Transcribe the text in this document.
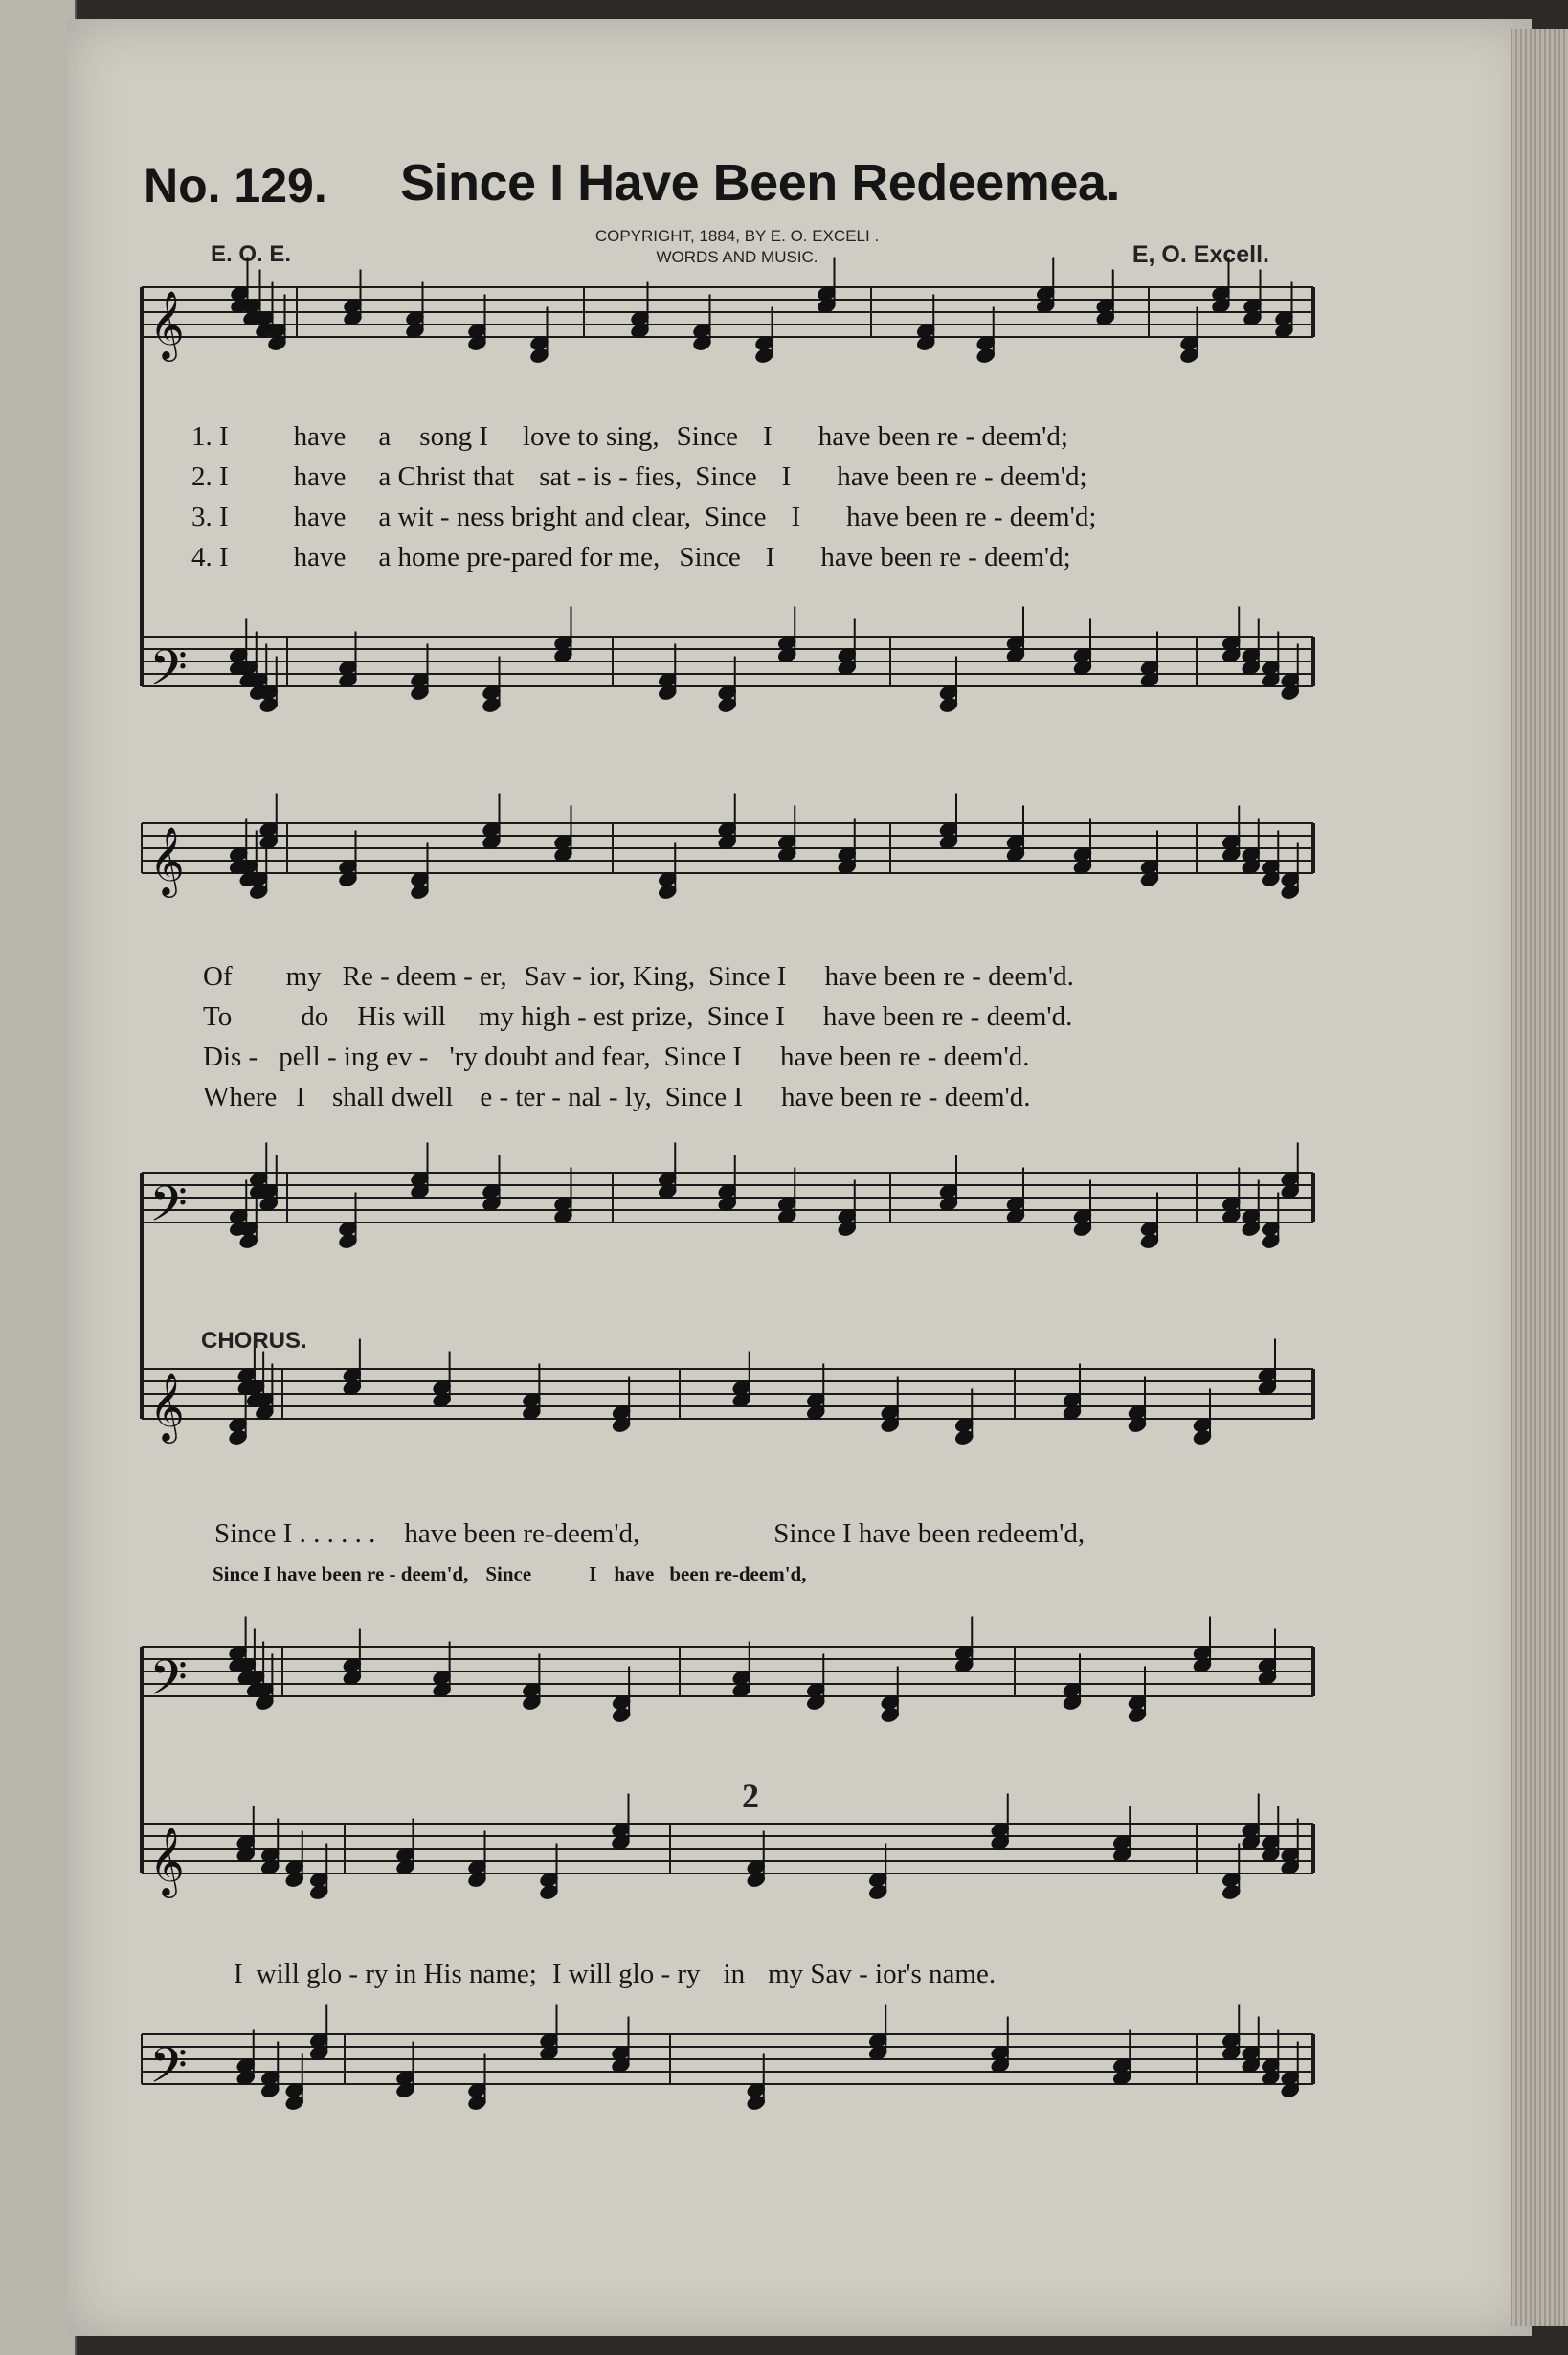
No. 129. Since I Have Been Redeemea.
COPYRIGHT, 1884, BY E. O. EXCELI .
WORDS AND MUSIC.
E. O. E.	E, O. Excell.
𝄞
𝄢
𝄞
𝄢
𝄞
𝄢
𝄞
𝄢
1. I have a song I love to sing, Since I have been re - deem'd;
2. I have a Christ that sat - is - fies, Since I have been re - deem'd;
3. I have a wit - ness bright and clear, Since I have been re - deem'd;
4. I have a home pre-pared for me, Since I have been re - deem'd;
Of my Re - deem - er, Sav - ior, King, Since I have been re - deem'd.
To do His will my high - est prize, Since I have been re - deem'd.
Dis - pell - ing ev - 'ry doubt and fear, Since I have been re - deem'd.
Where I shall dwell e - ter - nal - ly, Since I have been re - deem'd.
CHORUS.
Since I . . . . . . have been re-deem'd,	Since I have been redeem'd,
Since I have been re - deem'd, Since	I have been re-deem'd,
I will glo - ry in His name; I will glo - ry in my Sav - ior's name.
2
